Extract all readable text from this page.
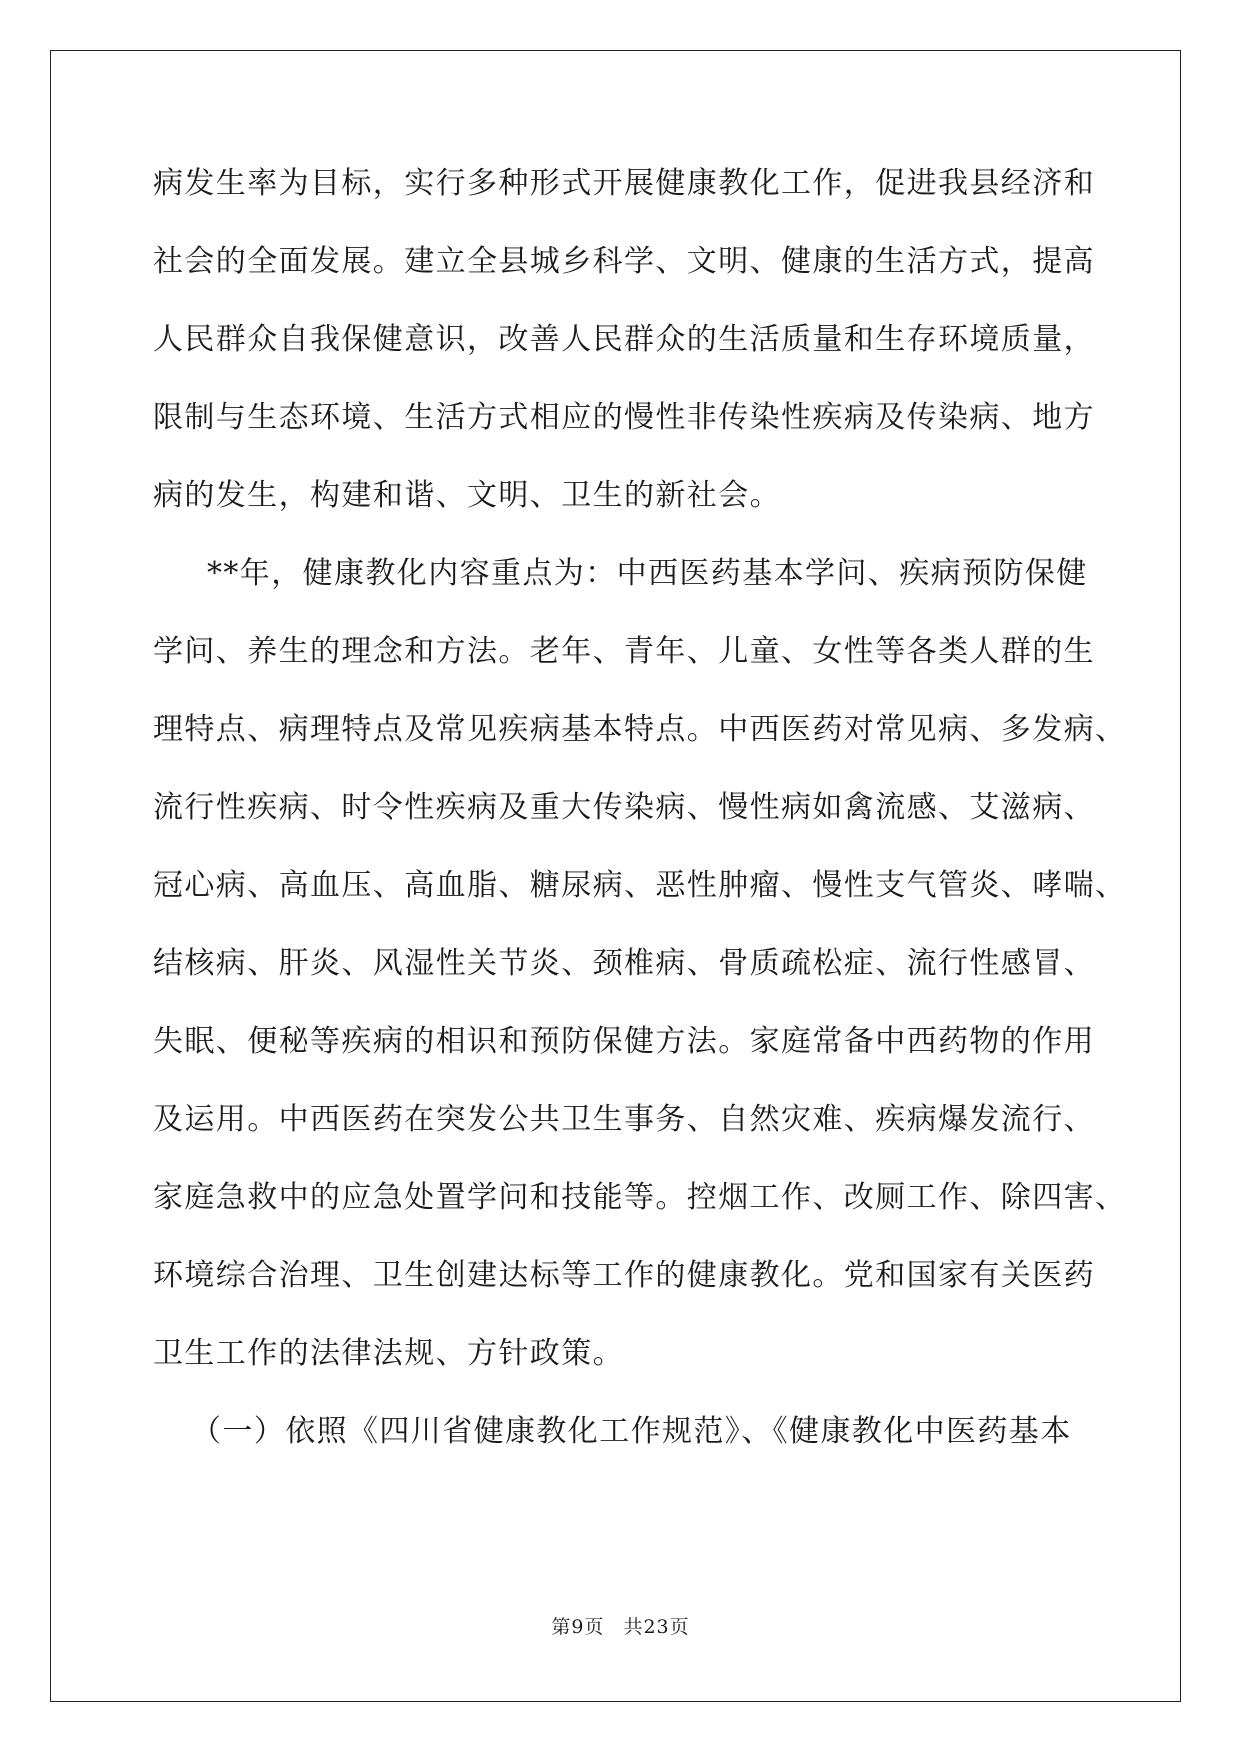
病发生率为目标，实行多种形式开展健康教化工作，促进我县经济和
社会的全面发展。建立全县城乡科学、文明、健康的生活方式，提高
人民群众自我保健意识，改善人民群众的生活质量和生存环境质量，
限制与生态环境、生活方式相应的慢性非传染性疾病及传染病、地方
病的发生，构建和谐、文明、卫生的新社会。
**年，健康教化内容重点为：中西医药基本学问、疾病预防保健
学问、养生的理念和方法。老年、青年、儿童、女性等各类人群的生
理特点、病理特点及常见疾病基本特点。中西医药对常见病、多发病、
流行性疾病、时令性疾病及重大传染病、慢性病如禽流感、艾滋病、
冠心病、高血压、高血脂、糖尿病、恶性肿瘤、慢性支气管炎、哮喘、
结核病、肝炎、风湿性关节炎、颈椎病、骨质疏松症、流行性感冒、
失眠、便秘等疾病的相识和预防保健方法。家庭常备中西药物的作用
及运用。中西医药在突发公共卫生事务、自然灾难、疾病爆发流行、
家庭急救中的应急处置学问和技能等。控烟工作、改厕工作、除四害、
环境综合治理、卫生创建达标等工作的健康教化。党和国家有关医药
卫生工作的法律法规、方针政策。
（一）依照《四川省健康教化工作规范》、《健康教化中医药基本
第9页 共23页
